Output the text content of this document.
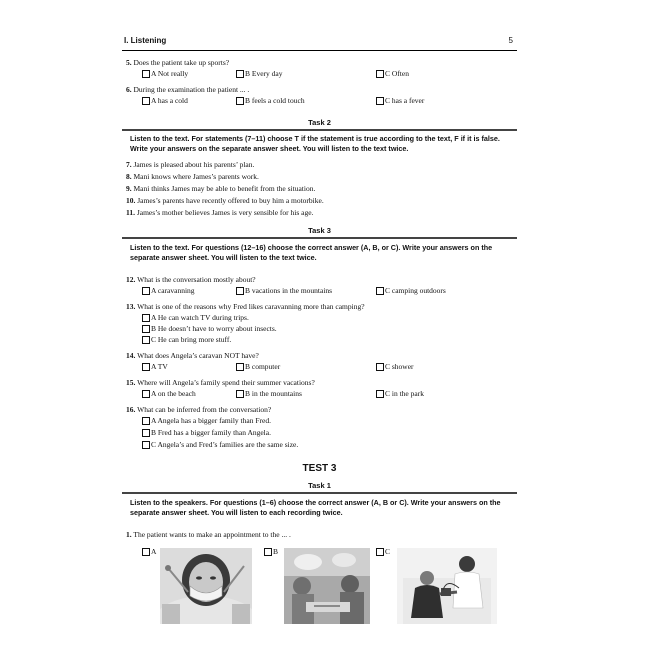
I. Listening	5
5. Does the patient take up sports?
A Not really	B Every day	C Often
6. During the examination the patient ... .
A has a cold	B feels a cold touch	C has a fever
Task 2
Listen to the text. For statements (7–11) choose T if the statement is true according to the text, F if it is false. Write your answers on the separate answer sheet. You will listen to the text twice.
7. James is pleased about his parents’ plan.
8. Mani knows where James’s parents work.
9. Mani thinks James may be able to benefit from the situation.
10. James’s parents have recently offered to buy him a motorbike.
11. James’s mother believes James is very sensible for his age.
Task 3
Listen to the text. For questions (12–16) choose the correct answer (A, B, or C). Write your answers on the separate answer sheet. You will listen to the text twice.
12. What is the conversation mostly about?
A caravanning	B vacations in the mountains	C camping outdoors
13. What is one of the reasons why Fred likes caravanning more than camping?
A He can watch TV during trips.
B He doesn’t have to worry about insects.
C He can bring more stuff.
14. What does Angela’s caravan NOT have?
A TV	B computer	C shower
15. Where will Angela’s family spend their summer vacations?
A on the beach	B in the mountains	C in the park
16. What can be inferred from the conversation?
A Angela has a bigger family than Fred.
B Fred has a bigger family than Angela.
C Angela’s and Fred’s families are the same size.
TEST 3
Task 1
Listen to the speakers. For questions (1–6) choose the correct answer (A, B or C). Write your answers on the separate answer sheet. You will listen to each recording twice.
1. The patient wants to make an appointment to the ... .
A	B	C
